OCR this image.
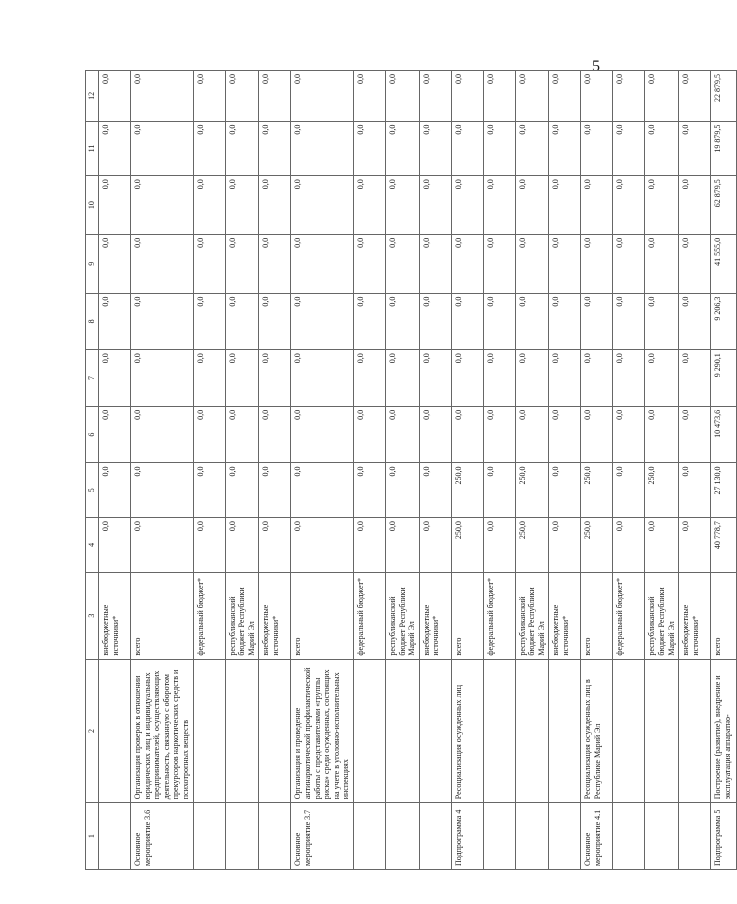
5
1	2	3	4	5	6	7	8	9	10	11	12
		внебюджетные источники*	0,0	0,0	0,0	0,0	0,0	0,0	0,0	0,0	0,0
Основное мероприятие 3.6	Организация проверок в отношении юридических лиц и индивидуальных предпринимателей, осуществляющих деятельность, связанную с оборотом прекурсоров наркотических средств и психотропных веществ	всего	0,0	0,0	0,0	0,0	0,0	0,0	0,0	0,0	0,0
		федеральный бюджет*	0,0	0,0	0,0	0,0	0,0	0,0	0,0	0,0	0,0
		республиканский бюджет Республики Марий Эл	0,0	0,0	0,0	0,0	0,0	0,0	0,0	0,0	0,0
		внебюджетные источники*	0,0	0,0	0,0	0,0	0,0	0,0	0,0	0,0	0,0
Основное мероприятие 3.7	Организация и проведение антинаркотической профилактической работы с представителями «группы риска» среди осужденных, состоящих на учете в уголовно-исполнительных инспекциях	всего	0,0	0,0	0,0	0,0	0,0	0,0	0,0	0,0	0,0
		федеральный бюджет*	0,0	0,0	0,0	0,0	0,0	0,0	0,0	0,0	0,0
		республиканский бюджет Республики Марий Эл	0,0	0,0	0,0	0,0	0,0	0,0	0,0	0,0	0,0
		внебюджетные источники*	0,0	0,0	0,0	0,0	0,0	0,0	0,0	0,0	0,0
Подпрограмма 4	Ресоциализация осужденных лиц	всего	250,0	250,0	0,0	0,0	0,0	0,0	0,0	0,0	0,0
		федеральный бюджет*	0,0	0,0	0,0	0,0	0,0	0,0	0,0	0,0	0,0
		республиканский бюджет Республики Марий Эл	250,0	250,0	0,0	0,0	0,0	0,0	0,0	0,0	0,0
		внебюджетные источники*	0,0	0,0	0,0	0,0	0,0	0,0	0,0	0,0	0,0
Основное мероприятие 4.1	Ресоциализация осужденных лиц в Республике Марий Эл	всего	250,0	250,0	0,0	0,0	0,0	0,0	0,0	0,0	0,0
		федеральный бюджет*	0,0	0,0	0,0	0,0	0,0	0,0	0,0	0,0	0,0
		республиканский бюджет Республики Марий Эл	0,0	250,0	0,0	0,0	0,0	0,0	0,0	0,0	0,0
		внебюджетные источники*	0,0	0,0	0,0	0,0	0,0	0,0	0,0	0,0	0,0
Подпрограмма 5	Построение (развитие), внедрение и эксплуатация аппаратно-	всего	40 778,7	27 130,0	10 473,6	9 290,1	9 206,3	41 555,0	62 879,5	19 879,5	22 879,5
